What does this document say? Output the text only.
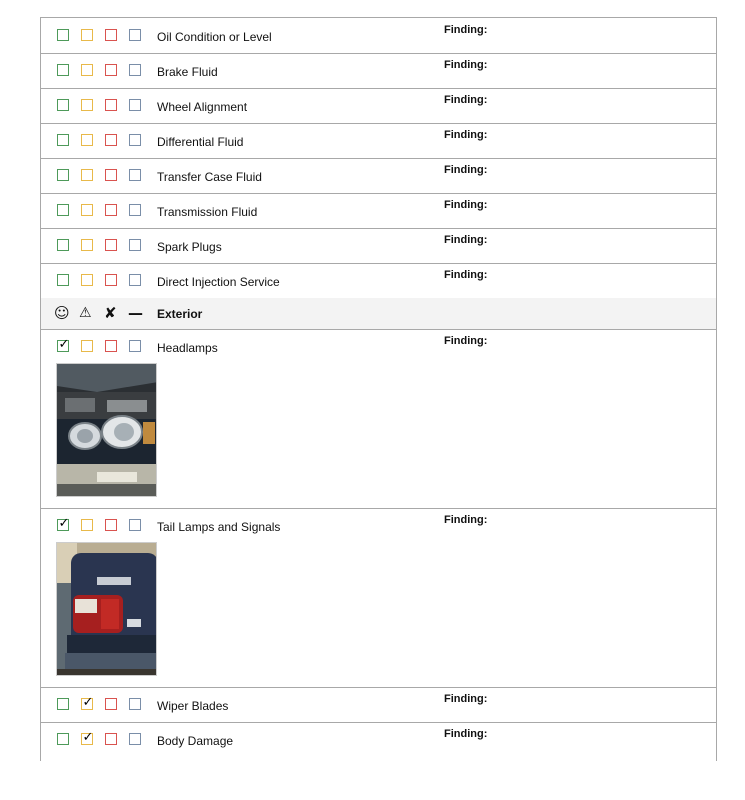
Oil Condition or Level	Finding:
Brake Fluid	Finding:
Wheel Alignment	Finding:
Differential Fluid	Finding:
Transfer Case Fluid	Finding:
Transmission Fluid	Finding:
Spark Plugs	Finding:
Direct Injection Service	Finding:
☺ ⚠ ✘ — Exterior
✓	Headlamps	Finding:
✓	Tail Lamps and Signals	Finding:
✓	Wiper Blades	Finding:
✓	Body Damage	Finding:
